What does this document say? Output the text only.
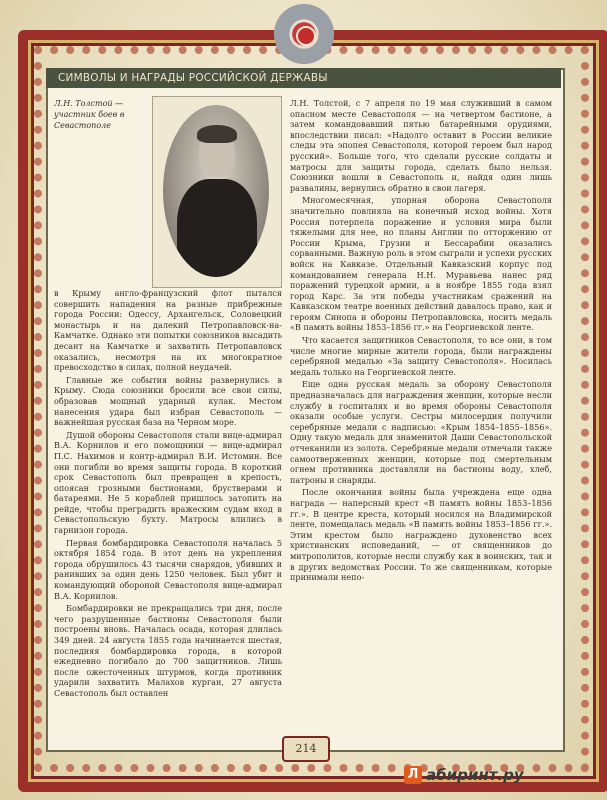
СИМВОЛЫ И НАГРАДЫ РОССИЙСКОЙ ДЕРЖАВЫ
Л.Н. Толстой — участник боев в Севастополе

в Крыму англо-французский флот пытался совершить нападения на разные прибрежные города России: Одессу, Архангельск, Соловецкий монастырь и на далекий Петропавловск-на-Камчатке. Однако эти попытки союзников высадить десант на Камчатке и захватить Петропавловск оказались, несмотря на их многократное превосходство в силах, полной неудачей.

Главные же события войны развернулись в Крыму. Сюда союзники бросили все свои силы, образовав мощный ударный кулак. Местом нанесения удара был избран Севастополь — важнейшая русская база на Черном море.

Душой обороны Севастополя стали вице-адмирал В.А. Корнилов и его помощники — вице-адмирал П.С. Нахимов и контр-адмирал В.И. Истомин. Все они погибли во время защиты города. В короткий срок Севастополь был превращен в крепость, опоясан грозными бастионами, брустверами и батареями. Не 5 кораблей пришлось затопить на рейде, чтобы преградить вражеским судам вход в Севастопольскую бухту. Матросы влились в гарнизон города.

Первая бомбардировка Севастополя началась 5 октября 1854 года. В этот день на укрепления города обрушилось 43 тысячи снарядов, убивших и ранивших за один день 1250 человек. Был убит и командующий обороной Севастополя вице-адмирал В.А. Корнилов.

Бомбардировки не прекращались три дня, после чего разрушенные бастионы Севастополя были построены вновь. Началась осада, которая длилась 349 дней. 24 августа 1855 года начинается шестая, последняя бомбардировка города, в которой ежедневно погибало до 700 защитников. Лишь после ожесточенных штурмов, когда противник ударили захватить Малахов курган, 27 августа Севастополь был оставлен

Л.Н. Толстой, с 7 апреля по 19 мая служивший в самом опасном месте Севастополя — на четвертом бастионе, а затем командовавший пятью батарейными орудиями, впоследствии писал: «Надолго оставит в России великие следы эта эпопея Севастополя, которой героем был народ русский». Больше того, что сделали русские солдаты и матросы для защиты города, сделать было нельзя. Союзники вошли в Севастополь и, найдя один лишь развалины, вернулись обратно в свои лагеря.

Многомесячная, упорная оборона Севастополя значительно повлияла на конечный исход войны. Хотя Россия потерпела поражение и условия мира были тяжелыми для нее, но планы Англии по отторжению от России Крыма, Грузии и Бессарабии оказались сорванными. Важную роль в этом сыграли и успехи русских войск на Кавказе. Отдельный Кавказский корпус под командованием генерала Н.Н. Муравьева нанес ряд поражений турецкой армии, а в ноябре 1855 года взял город Карс. За эти победы участникам сражений на Кавказском театре военных действий давалось право, как и героям Синопа и обороны Петропавловска, носить медаль «В память войны 1853–1856 гг.» на Георгиевской ленте.

Что касается защитников Севастополя, то все они, в том числе многие мирные жители города, были награждены серебряной медалью «За защиту Севастополя». Носилась медаль только на Георгиевской ленте.

Еще одна русская медаль за оборону Севастополя предназначалась для награждения женщин, которые несли службу в госпиталях и во время обороны Севастополя оказали особые услуги. Сестры милосердия получили серебряные медали с надписью: «Крым 1854–1855–1856». Одну такую медаль для знаменитой Даши Севастопольской отчеканили из золота. Серебряные медали отмечали также самоотверженных женщин, которые под смертельным огнем противника доставляли на бастионы воду, хлеб, патроны и снаряды.

После окончания войны была учреждена еще одна награда — наперсный крест «В память войны 1853–1856 гг.». В центре креста, который носился на Владимирской ленте, помещалась медаль «В память войны 1853–1856 гг.». Этим крестом было награждено духовенство всех христианских исповеданий, — от священников до митрополитов, которые несли службу как в воинских, так и в других ведомствах России. То же священникам, которые принимали непо-

214
Л абиринт.ру
